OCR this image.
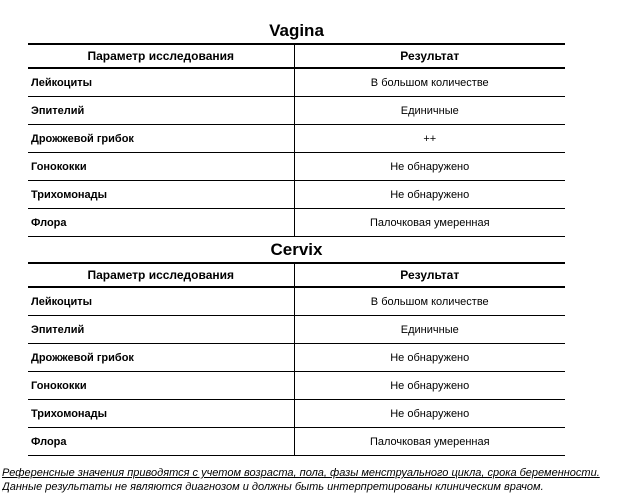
Vagina
Параметр исследования	Результат
Лейкоциты	В большом количестве
Эпителий	Единичные
Дрожжевой грибок	++
Гонококки	Не обнаружено
Трихомонады	Не обнаружено
Флора	Палочковая умеренная
Cervix
Параметр исследования	Результат
Лейкоциты	В большом количестве
Эпителий	Единичные
Дрожжевой грибок	Не обнаружено
Гонококки	Не обнаружено
Трихомонады	Не обнаружено
Флора	Палочковая умеренная
Референсные значения приводятся с учетом возраста, пола, фазы менструального цикла, срока беременности.
Данные результаты не являются диагнозом и должны быть интерпретированы клиническим врачом.
